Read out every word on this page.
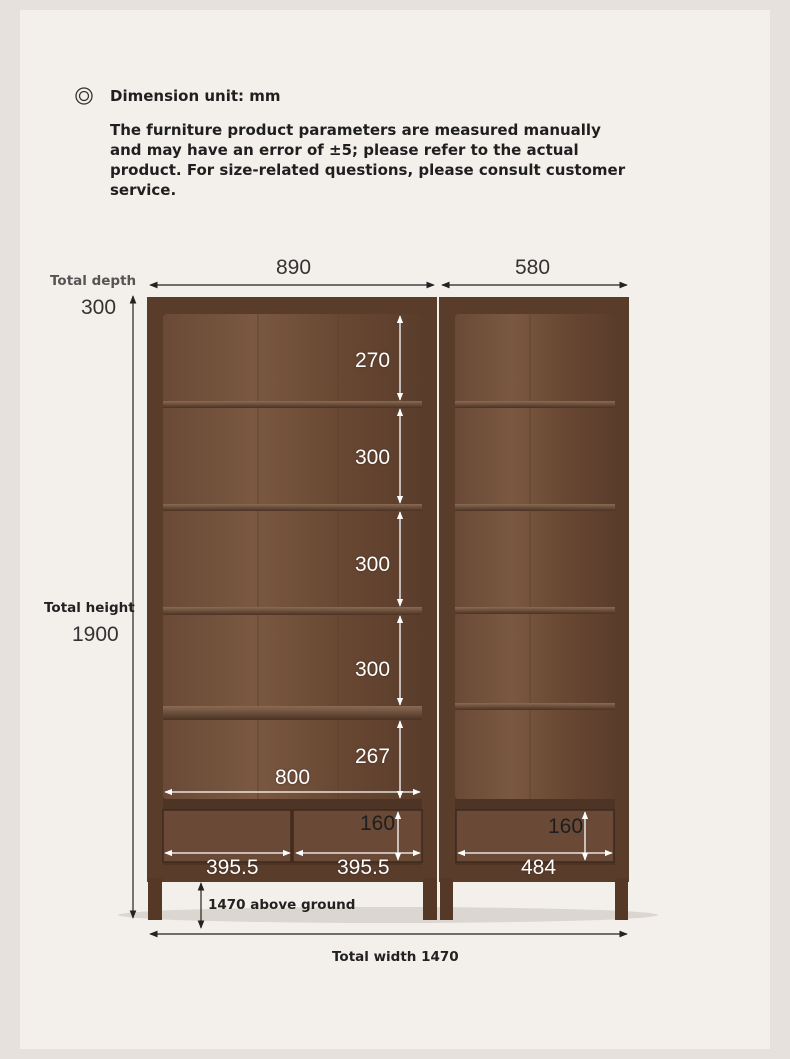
Dimension unit: mm
The furniture product parameters are measured manually and may have an error of ±5; please refer to the actual product. For size-related questions, please consult customer service.
Total depth
300
890	580
Total height
1900
270
300
300
300
267
800
160	160
395.5	395.5	484
1470 above ground
Total width 1470
